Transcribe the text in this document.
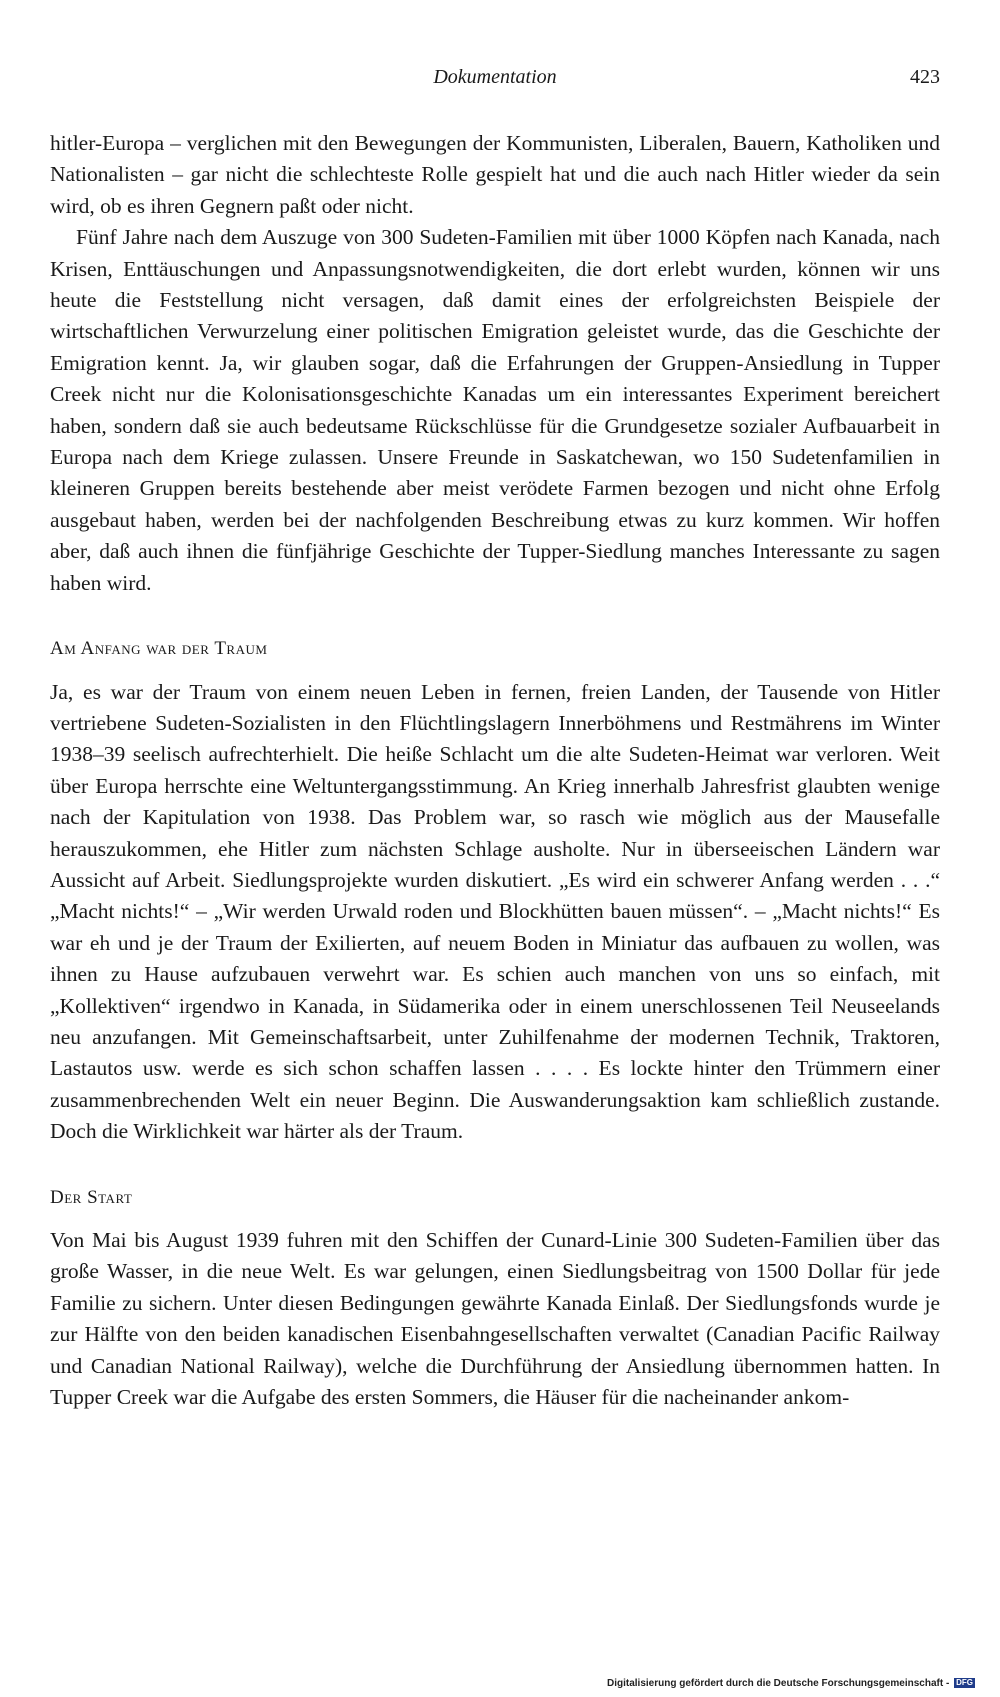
Dokumentation	423

hitler-Europa – verglichen mit den Bewegungen der Kommunisten, Liberalen, Bauern, Katholiken und Nationalisten – gar nicht die schlechteste Rolle gespielt hat und die auch nach Hitler wieder da sein wird, ob es ihren Gegnern paßt oder nicht.

Fünf Jahre nach dem Auszuge von 300 Sudeten-Familien mit über 1000 Köpfen nach Kanada, nach Krisen, Enttäuschungen und Anpassungsnotwendigkeiten, die dort erlebt wurden, können wir uns heute die Feststellung nicht versagen, daß damit eines der erfolgreichsten Beispiele der wirtschaftlichen Verwurzelung einer politischen Emigration geleistet wurde, das die Geschichte der Emigration kennt. Ja, wir glauben sogar, daß die Erfahrungen der Gruppen-Ansiedlung in Tupper Creek nicht nur die Kolonisationsgeschichte Kanadas um ein interessantes Experiment bereichert haben, sondern daß sie auch bedeutsame Rückschlüsse für die Grundgesetze sozialer Aufbauarbeit in Europa nach dem Kriege zulassen. Unsere Freunde in Saskatchewan, wo 150 Sudetenfamilien in kleineren Gruppen bereits bestehende aber meist verödete Farmen bezogen und nicht ohne Erfolg ausgebaut haben, werden bei der nachfolgenden Beschreibung etwas zu kurz kommen. Wir hoffen aber, daß auch ihnen die fünfjährige Geschichte der Tupper-Siedlung manches Interessante zu sagen haben wird.

Am Anfang war der Traum

Ja, es war der Traum von einem neuen Leben in fernen, freien Landen, der Tausende von Hitler vertriebene Sudeten-Sozialisten in den Flüchtlingslagern Innerböhmens und Restmährens im Winter 1938–39 seelisch aufrechterhielt. Die heiße Schlacht um die alte Sudeten-Heimat war verloren. Weit über Europa herrschte eine Weltuntergangsstimmung. An Krieg innerhalb Jahresfrist glaubten wenige nach der Kapitulation von 1938. Das Problem war, so rasch wie möglich aus der Mausefalle herauszukommen, ehe Hitler zum nächsten Schlage ausholte. Nur in überseeischen Ländern war Aussicht auf Arbeit. Siedlungsprojekte wurden diskutiert. „Es wird ein schwerer Anfang werden . . .“ „Macht nichts!“ – „Wir werden Urwald roden und Blockhütten bauen müssen“. – „Macht nichts!“ Es war eh und je der Traum der Exilierten, auf neuem Boden in Miniatur das aufbauen zu wollen, was ihnen zu Hause aufzubauen verwehrt war. Es schien auch manchen von uns so einfach, mit „Kollektiven“ irgendwo in Kanada, in Südamerika oder in einem unerschlossenen Teil Neuseelands neu anzufangen. Mit Gemeinschaftsarbeit, unter Zuhilfenahme der modernen Technik, Traktoren, Lastautos usw. werde es sich schon schaffen lassen . . . . Es lockte hinter den Trümmern einer zusammenbrechenden Welt ein neuer Beginn. Die Auswanderungsaktion kam schließlich zustande. Doch die Wirklichkeit war härter als der Traum.

Der Start

Von Mai bis August 1939 fuhren mit den Schiffen der Cunard-Linie 300 Sudeten-Familien über das große Wasser, in die neue Welt. Es war gelungen, einen Siedlungsbeitrag von 1500 Dollar für jede Familie zu sichern. Unter diesen Bedingungen gewährte Kanada Einlaß. Der Siedlungsfonds wurde je zur Hälfte von den beiden kanadischen Eisenbahngesellschaften verwaltet (Canadian Pacific Railway und Canadian National Railway), welche die Durchführung der Ansiedlung übernommen hatten. In Tupper Creek war die Aufgabe des ersten Sommers, die Häuser für die nacheinander ankom-

Digitalisierung gefördert durch die Deutsche Forschungsgemeinschaft - DFG
